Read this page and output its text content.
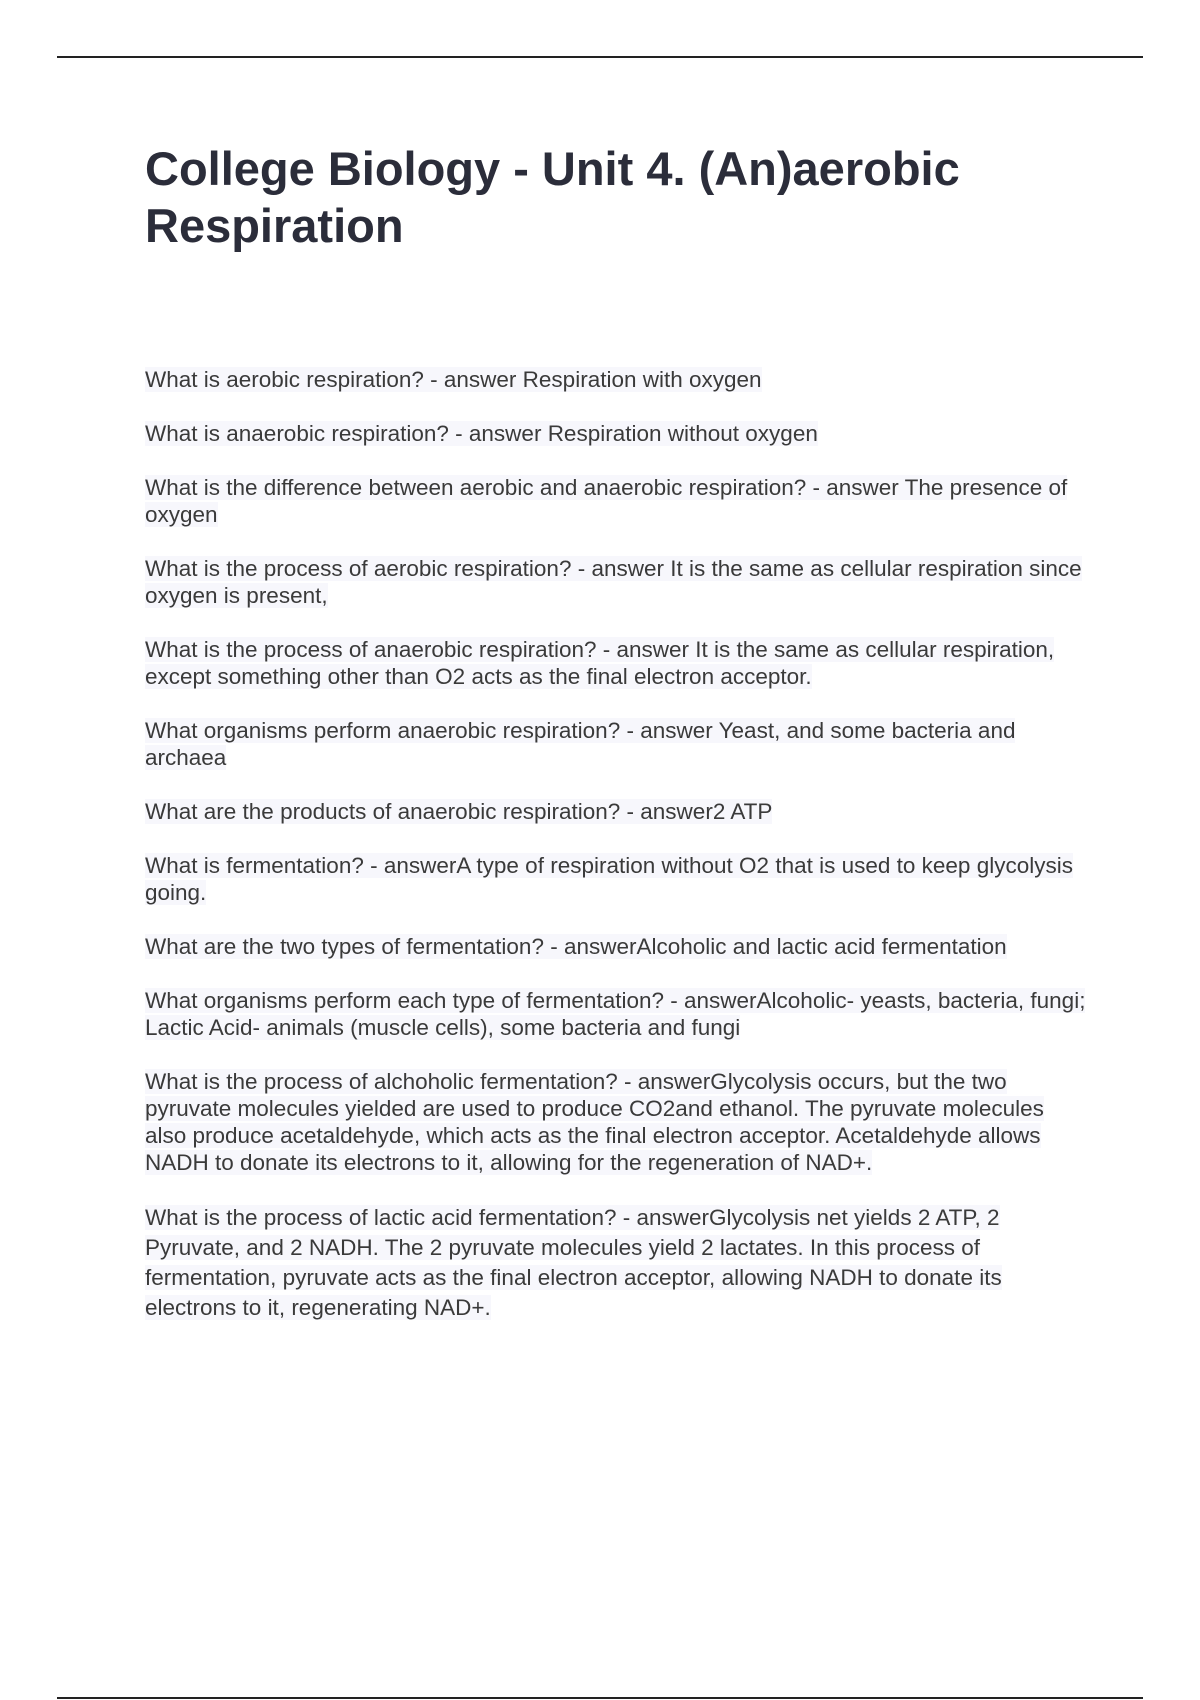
College Biology - Unit 4. (An)aerobic Respiration

What is aerobic respiration? - answer Respiration with oxygen

What is anaerobic respiration? - answer Respiration without oxygen

What is the difference between aerobic and anaerobic respiration? - answer The presence of oxygen

What is the process of aerobic respiration? - answer It is the same as cellular respiration since oxygen is present,

What is the process of anaerobic respiration? - answer It is the same as cellular respiration, except something other than O2 acts as the final electron acceptor.

What organisms perform anaerobic respiration? - answer Yeast, and some bacteria and archaea

What are the products of anaerobic respiration? - answer2 ATP

What is fermentation? - answerA type of respiration without O2 that is used to keep glycolysis going.

What are the two types of fermentation? - answerAlcoholic and lactic acid fermentation

What organisms perform each type of fermentation? - answerAlcoholic- yeasts, bacteria, fungi; Lactic Acid- animals (muscle cells), some bacteria and fungi

What is the process of alchoholic fermentation? - answerGlycolysis occurs, but the two pyruvate molecules yielded are used to produce CO2and ethanol. The pyruvate molecules also produce acetaldehyde, which acts as the final electron acceptor. Acetaldehyde allows NADH to donate its electrons to it, allowing for the regeneration of NAD+.

What is the process of lactic acid fermentation? - answerGlycolysis net yields 2 ATP, 2 Pyruvate, and 2 NADH. The 2 pyruvate molecules yield 2 lactates. In this process of fermentation, pyruvate acts as the final electron acceptor, allowing NADH to donate its electrons to it, regenerating NAD+.
